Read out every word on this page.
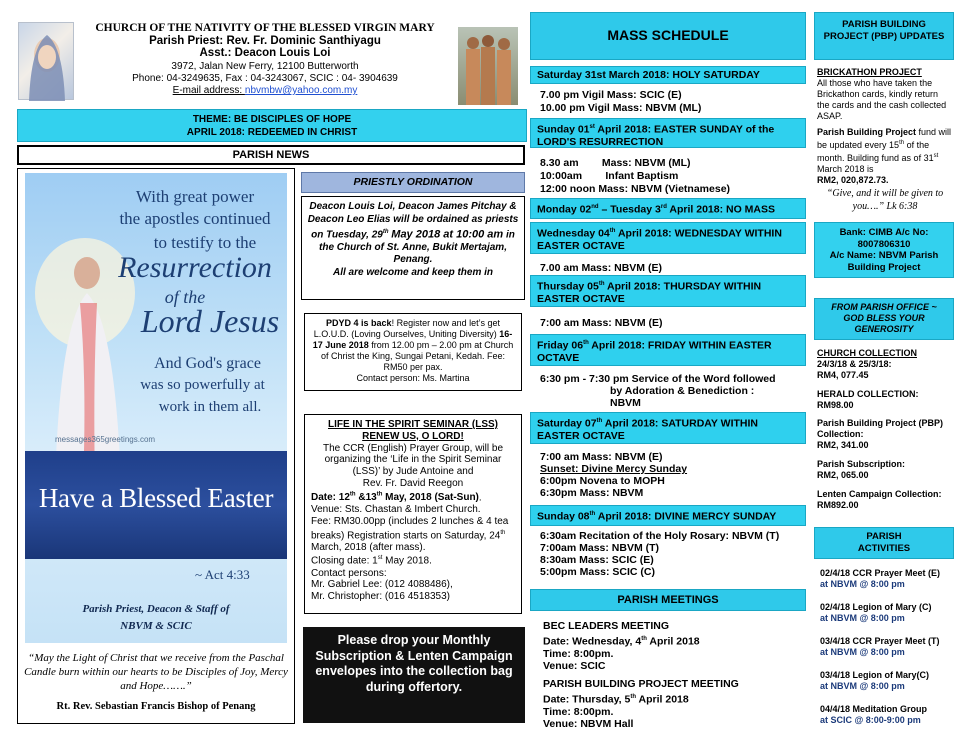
CHURCH OF THE NATIVITY OF THE BLESSED VIRGIN MARY
Parish Priest: Rev. Fr. Dominic Santhiyagu
Asst.: Deacon Louis Loi
3972, Jalan New Ferry, 12100 Butterworth
Phone: 04-3249635, Fax : 04-3243067, SCIC : 04- 3904639
E-mail address: nbvmbw@yahoo.com.my
THEME: BE DISCIPLES OF HOPE
APRIL 2018: REDEEMED IN CHRIST
PARISH NEWS
With great power
the apostles continued
to testify to the
Resurrection
of the
Lord Jesus
And God's grace
was so powerfully at
work in them all.
messages365greetings.com
Have a Blessed Easter
~ Act 4:33
Parish Priest, Deacon & Staff of
NBVM & SCIC
“May the Light of Christ that we receive from the Paschal Candle burn within our hearts to be Disciples of Joy, Mercy and Hope…….”
Rt. Rev. Sebastian Francis Bishop of Penang
PRIESTLY ORDINATION
Deacon Louis Loi, Deacon James Pitchay & Deacon Leo Elias will be ordained as priests on Tuesday, 29th May 2018 at 10:00 am in the Church of St. Anne, Bukit Mertajam, Penang.
All are welcome and keep them in
PDYD 4 is back! Register now and let’s get L.O.U.D. (Loving Ourselves, Uniting Diversity) 16-17 June 2018 from 12.00 pm – 2.00 pm at Church of Christ the King, Sungai Petani, Kedah. Fee: RM50 per pax.
Contact person: Ms. Martina
LIFE IN THE SPIRIT SEMINAR (LSS)
RENEW US, O LORD!
The CCR (English) Prayer Group, will be organizing the ‘Life in the Spirit Seminar (LSS)’ by Jude Antoine and
Rev. Fr. David Reegon
Date: 12th &13th May, 2018 (Sat-Sun).
Venue: Sts. Chastan & Imbert Church.
Fee: RM30.00pp (includes 2 lunches & 4 tea breaks) Registration starts on Saturday, 24th March, 2018 (after mass).
Closing date: 1st May 2018.
Contact persons:
Mr. Gabriel Lee: (012 4088486),
Mr. Christopher: (016 4518353)
Please drop your Monthly Subscription & Lenten Campaign envelopes into the collection bag during offertory.
MASS SCHEDULE
Saturday 31st March 2018: HOLY SATURDAY
7.00 pm Vigil Mass: SCIC (E)
10.00 pm Vigil Mass: NBVM (ML)
Sunday 01st April 2018: EASTER SUNDAY of the LORD'S RESURRECTION
8.30 am        Mass: NBVM (ML)
10:00am        Infant Baptism
12:00 noon Mass: NBVM (Vietnamese)
Monday 02nd – Tuesday 3rd April 2018: NO MASS
Wednesday 04th April 2018: WEDNESDAY WITHIN EASTER OCTAVE
7.00 am Mass: NBVM (E)
Thursday 05th April 2018: THURSDAY WITHIN EASTER OCTAVE
7:00 am Mass: NBVM (E)
Friday 06th April 2018: FRIDAY WITHIN EASTER OCTAVE
6:30 pm - 7:30 pm Service of the Word followed
by Adoration & Benediction :
NBVM
Saturday 07th April 2018: SATURDAY WITHIN EASTER OCTAVE
7:00 am Mass: NBVM (E)
Sunset: Divine Mercy Sunday
6:00pm Novena to MOPH
6:30pm Mass: NBVM
Sunday 08th April 2018: DIVINE MERCY SUNDAY
6:30am Recitation of the Holy Rosary: NBVM (T)
7:00am Mass: NBVM (T)
8:30am Mass: SCIC (E)
5:00pm Mass: SCIC (C)
PARISH MEETINGS
BEC LEADERS MEETING
Date: Wednesday, 4th April 2018
Time: 8:00pm.
Venue: SCIC
PARISH BUILDING PROJECT MEETING
Date: Thursday, 5th April 2018
Time: 8:00pm.
Venue: NBVM Hall
PARISH BUILDING PROJECT (PBP) UPDATES
BRICKATHON PROJECT
All those who have taken the Brickathon cards, kindly return the cards and the cash collected ASAP.
Parish Building Project fund will be updated every 15th of the month. Building fund as of 31st March 2018 is
RM2, 020,872.73.
“Give, and it will be given to you….” Lk 6:38
Bank: CIMB A/c No: 8007806310
A/c Name: NBVM Parish Building Project
FROM PARISH OFFICE ~ GOD BLESS YOUR GENEROSITY
CHURCH COLLECTION
24/3/18 & 25/3/18:
RM4, 077.45
HERALD COLLECTION:
RM98.00
Parish Building Project (PBP) Collection:
RM2, 341.00
Parish Subscription:
RM2, 065.00
Lenten Campaign Collection:
RM892.00
PARISH ACTIVITIES
02/4/18 CCR Prayer Meet (E)
at NBVM @ 8:00 pm
02/4/18 Legion of Mary (C)
at NBVM @ 8:00 pm
03/4/18 CCR Prayer Meet (T)
at NBVM @ 8:00 pm
03/4/18 Legion of Mary(C)
at NBVM @ 8:00 pm
04/4/18 Meditation Group
at SCIC @ 8:00-9:00 pm
